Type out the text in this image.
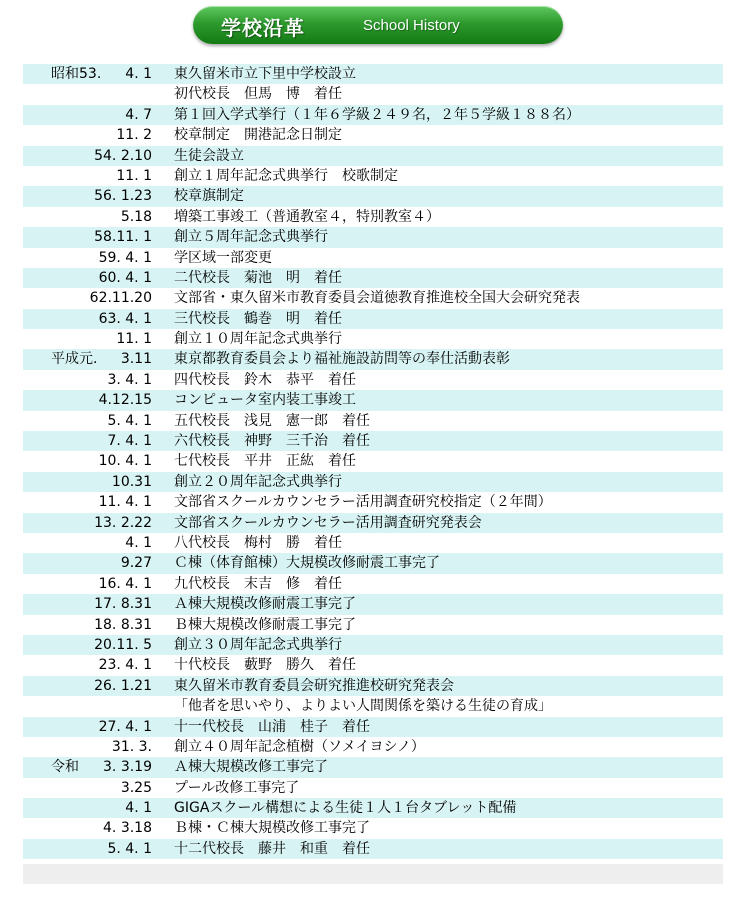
学校沿革	School History
昭和53. 4. 1 東久留米市立下里中学校設立
初代校長　但馬　博　着任
4. 7 第１回入学式挙行（１年６学級２４９名，２年５学級１８８名）
11. 2 校章制定　開港記念日制定
54. 2.10 生徒会設立
11. 1 創立１周年記念式典挙行　校歌制定
56. 1.23 校章旗制定
5.18 増築工事竣工（普通教室４，特別教室４）
58.11. 1 創立５周年記念式典挙行
59. 4. 1 学区域一部変更
60. 4. 1 二代校長　菊池　明　着任
62.11.20 文部省・東久留米市教育委員会道徳教育推進校全国大会研究発表
63. 4. 1 三代校長　鶴巻　明　着任
11. 1 創立１０周年記念式典挙行
平成元. 3.11 東京都教育委員会より福祉施設訪問等の奉仕活動表彰
3. 4. 1 四代校長　鈴木　恭平　着任
4.12.15 コンピュータ室内装工事竣工
5. 4. 1 五代校長　浅見　憲一郎　着任
7. 4. 1 六代校長　神野　三千治　着任
10. 4. 1 七代校長　平井　正紘　着任
10.31 創立２０周年記念式典挙行
11. 4. 1 文部省スクールカウンセラー活用調査研究校指定（２年間）
13. 2.22 文部省スクールカウンセラー活用調査研究発表会
4. 1 八代校長　梅村　勝　着任
9.27 Ｃ棟（体育館棟）大規模改修耐震工事完了
16. 4. 1 九代校長　末吉　修　着任
17. 8.31 Ａ棟大規模改修耐震工事完了
18. 8.31 Ｂ棟大規模改修耐震工事完了
20.11. 5 創立３０周年記念式典挙行
23. 4. 1 十代校長　藪野　勝久　着任
26. 1.21 東久留米市教育委員会研究推進校研究発表会
「他者を思いやり、よりよい人間関係を築ける生徒の育成」
27. 4. 1 十一代校長　山浦　桂子　着任
31. 3. 創立４０周年記念植樹（ソメイヨシノ）
令和 3. 3.19 Ａ棟大規模改修工事完了
3.25 プール改修工事完了
4. 1 GIGAスクール構想による生徒１人１台タブレット配備
4. 3.18 Ｂ棟・Ｃ棟大規模改修工事完了
5. 4. 1 十二代校長　藤井　和重　着任
